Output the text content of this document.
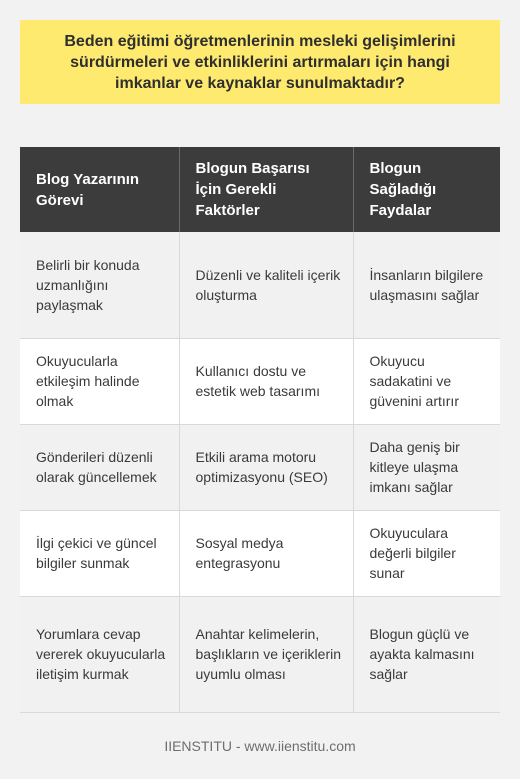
Beden eğitimi öğretmenlerinin mesleki gelişimlerini sürdürmeleri ve etkinliklerini artırmaları için hangi imkanlar ve kaynaklar sunulmaktadır?
Blog Yazarının Görevi	Blogun Başarısı İçin Gerekli Faktörler	Blogun Sağladığı Faydalar
Belirli bir konuda uzmanlığını paylaşmak	Düzenli ve kaliteli içerik oluşturma	İnsanların bilgilere ulaşmasını sağlar
Okuyucularla etkileşim halinde olmak	Kullanıcı dostu ve estetik web tasarımı	Okuyucu sadakatini ve güvenini artırır
Gönderileri düzenli olarak güncellemek	Etkili arama motoru optimizasyonu (SEO)	Daha geniş bir kitleye ulaşma imkanı sağlar
İlgi çekici ve güncel bilgiler sunmak	Sosyal medya entegrasyonu	Okuyuculara değerli bilgiler sunar
Yorumlara cevap vererek okuyucularla iletişim kurmak	Anahtar kelimelerin, başlıkların ve içeriklerin uyumlu olması	Blogun güçlü ve ayakta kalmasını sağlar
IIENSTITU - www.iienstitu.com
